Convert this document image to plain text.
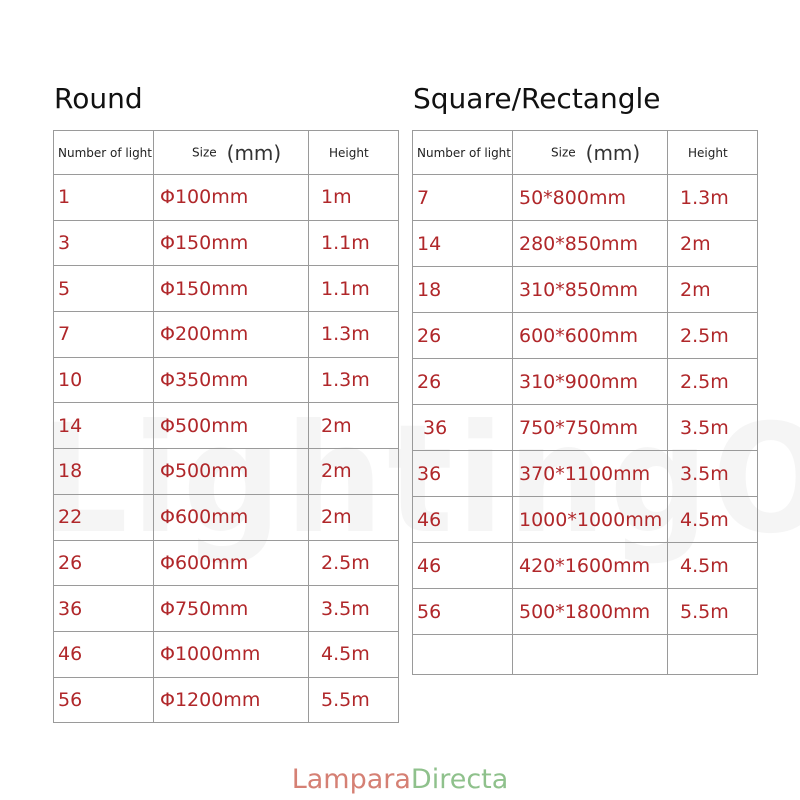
Round	Square/Rectangle
Number of light	Size (mm)	Height
1	Φ100mm	1m
3	Φ150mm	1.1m
5	Φ150mm	1.1m
7	Φ200mm	1.3m
10	Φ350mm	1.3m
14	Φ500mm	2m
18	Φ500mm	2m
22	Φ600mm	2m
26	Φ600mm	2.5m
36	Φ750mm	3.5m
46	Φ1000mm	4.5m
56	Φ1200mm	5.5m
Number of light	Size (mm)	Height
7	50*800mm	1.3m
14	280*850mm	2m
18	310*850mm	2m
26	600*600mm	2.5m
26	310*900mm	2.5m
36	750*750mm	3.5m
36	370*1100mm	3.5m
46	1000*1000mm	4.5m
46	420*1600mm	4.5m
56	500*1800mm	5.5m

LamparaDirecta
